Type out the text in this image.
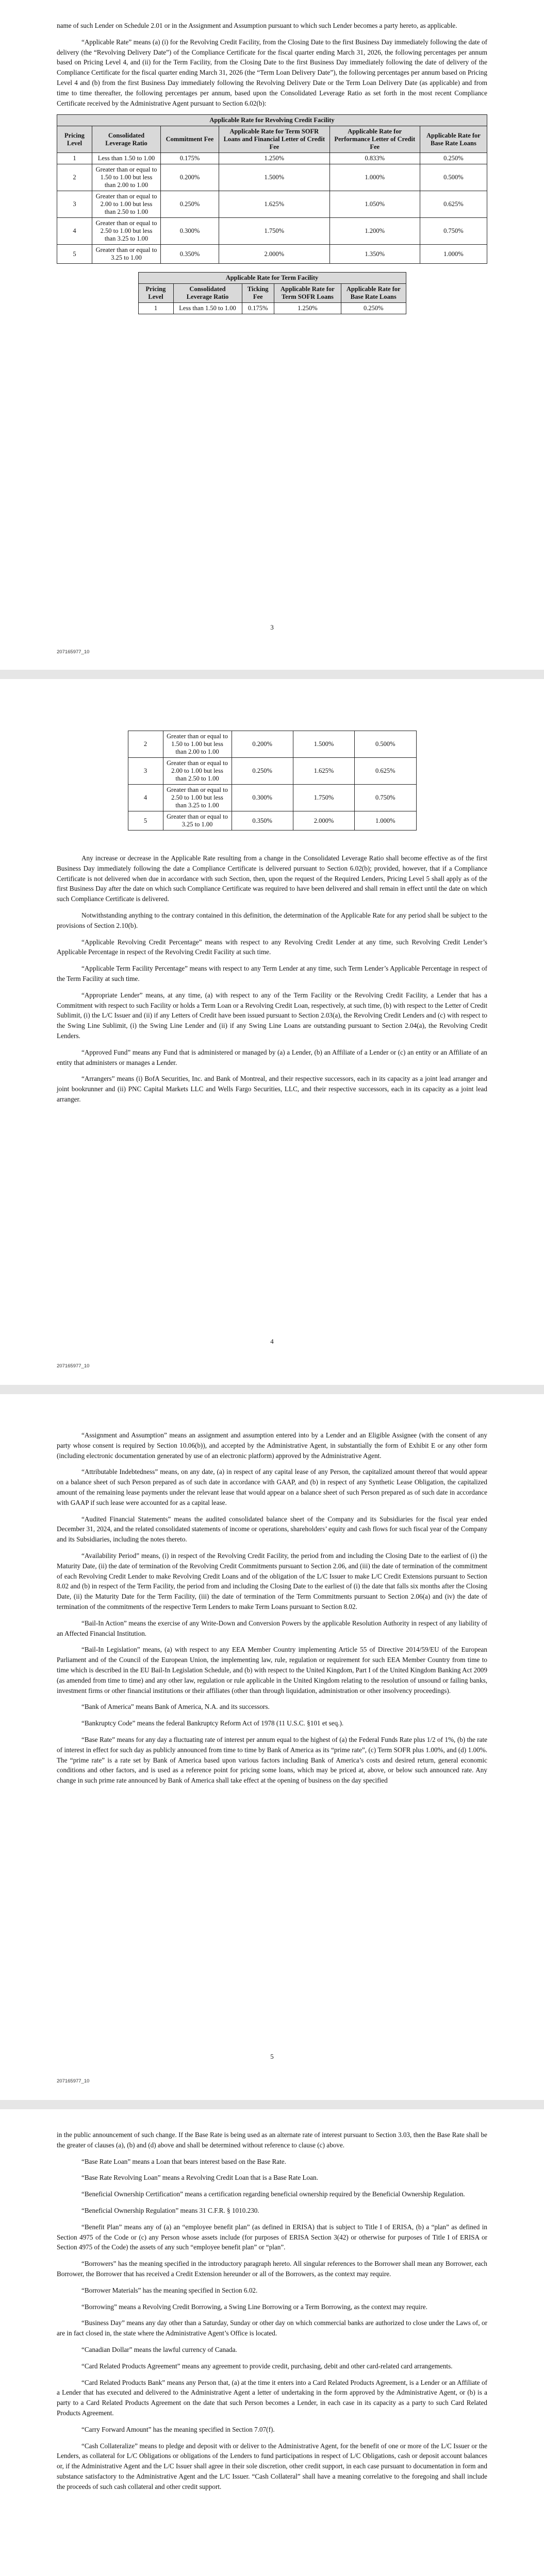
name of such Lender on Schedule 2.01 or in the Assignment and Assumption pursuant to which such Lender becomes a party hereto, as applicable.

“Applicable Rate” means (a) (i) for the Revolving Credit Facility, from the Closing Date to the first Business Day immediately following the date of delivery (the “Revolving Delivery Date”) of the Compliance Certificate for the fiscal quarter ending March 31, 2026, the following percentages per annum based on Pricing Level 4, and (ii) for the Term Facility, from the Closing Date to the first Business Day immediately following the date of delivery of the Compliance Certificate for the fiscal quarter ending March 31, 2026 (the “Term Loan Delivery Date”), the following percentages per annum based on Pricing Level 4 and (b) from the first Business Day immediately following the Revolving Delivery Date or the Term Loan Delivery Date (as applicable) and from time to time thereafter, the following percentages per annum, based upon the Consolidated Leverage Ratio as set forth in the most recent Compliance Certificate received by the Administrative Agent pursuant to Section 6.02(b):

Applicable Rate for Revolving Credit Facility					
Pricing Level	Consolidated Leverage Ratio	Commitment Fee	Applicable Rate for Term SOFR Loans and Financial Letter of Credit Fee	Applicable Rate for Performance Letter of Credit Fee	Applicable Rate for Base Rate Loans
1	Less than 1.50 to 1.00	0.175%	1.250%	0.833%	0.250%
2	Greater than or equal to 1.50 to 1.00 but less than 2.00 to 1.00	0.200%	1.500%	1.000%	0.500%
3	Greater than or equal to 2.00 to 1.00 but less than 2.50 to 1.00	0.250%	1.625%	1.050%	0.625%
4	Greater than or equal to 2.50 to 1.00 but less than 3.25 to 1.00	0.300%	1.750%	1.200%	0.750%
5	Greater than or equal to 3.25 to 1.00	0.350%	2.000%	1.350%	1.000%
Applicable Rate for Term Facility				
Pricing Level	Consolidated Leverage Ratio	Ticking Fee	Applicable Rate for Term SOFR Loans	Applicable Rate for Base Rate Loans
1	Less than 1.50 to 1.00	0.175%	1.250%	0.250%
3
207165977_10
2	Greater than or equal to 1.50 to 1.00 but less than 2.00 to 1.00	0.200%	1.500%	0.500%
3	Greater than or equal to 2.00 to 1.00 but less than 2.50 to 1.00	0.250%	1.625%	0.625%
4	Greater than or equal to 2.50 to 1.00 but less than 3.25 to 1.00	0.300%	1.750%	0.750%
5	Greater than or equal to 3.25 to 1.00	0.350%	2.000%	1.000%

Any increase or decrease in the Applicable Rate resulting from a change in the Consolidated Leverage Ratio shall become effective as of the first Business Day immediately following the date a Compliance Certificate is delivered pursuant to Section 6.02(b); provided, however, that if a Compliance Certificate is not delivered when due in accordance with such Section, then, upon the request of the Required Lenders, Pricing Level 5 shall apply as of the first Business Day after the date on which such Compliance Certificate was required to have been delivered and shall remain in effect until the date on which such Compliance Certificate is delivered.

Notwithstanding anything to the contrary contained in this definition, the determination of the Applicable Rate for any period shall be subject to the provisions of Section 2.10(b).

“Applicable Revolving Credit Percentage” means with respect to any Revolving Credit Lender at any time, such Revolving Credit Lender’s Applicable Percentage in respect of the Revolving Credit Facility at such time.

“Applicable Term Facility Percentage” means with respect to any Term Lender at any time, such Term Lender’s Applicable Percentage in respect of the Term Facility at such time.

“Appropriate Lender” means, at any time, (a) with respect to any of the Term Facility or the Revolving Credit Facility, a Lender that has a Commitment with respect to such Facility or holds a Term Loan or a Revolving Credit Loan, respectively, at such time, (b) with respect to the Letter of Credit Sublimit, (i) the L/C Issuer and (ii) if any Letters of Credit have been issued pursuant to Section 2.03(a), the Revolving Credit Lenders and (c) with respect to the Swing Line Sublimit, (i) the Swing Line Lender and (ii) if any Swing Line Loans are outstanding pursuant to Section 2.04(a), the Revolving Credit Lenders.

“Approved Fund” means any Fund that is administered or managed by (a) a Lender, (b) an Affiliate of a Lender or (c) an entity or an Affiliate of an entity that administers or manages a Lender.

“Arrangers” means (i) BofA Securities, Inc. and Bank of Montreal, and their respective successors, each in its capacity as a joint lead arranger and joint bookrunner and (ii) PNC Capital Markets LLC and Wells Fargo Securities, LLC, and their respective successors, each in its capacity as a joint lead arranger.

4
207165977_10

“Assignment and Assumption” means an assignment and assumption entered into by a Lender and an Eligible Assignee (with the consent of any party whose consent is required by Section 10.06(b)), and accepted by the Administrative Agent, in substantially the form of Exhibit E or any other form (including electronic documentation generated by use of an electronic platform) approved by the Administrative Agent.

“Attributable Indebtedness” means, on any date, (a) in respect of any capital lease of any Person, the capitalized amount thereof that would appear on a balance sheet of such Person prepared as of such date in accordance with GAAP, and (b) in respect of any Synthetic Lease Obligation, the capitalized amount of the remaining lease payments under the relevant lease that would appear on a balance sheet of such Person prepared as of such date in accordance with GAAP if such lease were accounted for as a capital lease.

“Audited Financial Statements” means the audited consolidated balance sheet of the Company and its Subsidiaries for the fiscal year ended December 31, 2024, and the related consolidated statements of income or operations, shareholders’ equity and cash flows for such fiscal year of the Company and its Subsidiaries, including the notes thereto.

“Availability Period” means, (i) in respect of the Revolving Credit Facility, the period from and including the Closing Date to the earliest of (i) the Maturity Date, (ii) the date of termination of the Revolving Credit Commitments pursuant to Section 2.06, and (iii) the date of termination of the commitment of each Revolving Credit Lender to make Revolving Credit Loans and of the obligation of the L/C Issuer to make L/C Credit Extensions pursuant to Section 8.02 and (b) in respect of the Term Facility, the period from and including the Closing Date to the earliest of (i) the date that falls six months after the Closing Date, (ii) the Maturity Date for the Term Facility, (iii) the date of termination of the Term Commitments pursuant to Section 2.06(a) and (iv) the date of termination of the commitments of the respective Term Lenders to make Term Loans pursuant to Section 8.02.

“Bail-In Action” means the exercise of any Write-Down and Conversion Powers by the applicable Resolution Authority in respect of any liability of an Affected Financial Institution.

“Bail-In Legislation” means, (a) with respect to any EEA Member Country implementing Article 55 of Directive 2014/59/EU of the European Parliament and of the Council of the European Union, the implementing law, rule, regulation or requirement for such EEA Member Country from time to time which is described in the EU Bail-In Legislation Schedule, and (b) with respect to the United Kingdom, Part I of the United Kingdom Banking Act 2009 (as amended from time to time) and any other law, regulation or rule applicable in the United Kingdom relating to the resolution of unsound or failing banks, investment firms or other financial institutions or their affiliates (other than through liquidation, administration or other insolvency proceedings).

“Bank of America” means Bank of America, N.A. and its successors.

“Bankruptcy Code” means the federal Bankruptcy Reform Act of 1978 (11 U.S.C. §101 et seq.).

“Base Rate” means for any day a fluctuating rate of interest per annum equal to the highest of (a) the Federal Funds Rate plus 1/2 of 1%, (b) the rate of interest in effect for such day as publicly announced from time to time by Bank of America as its “prime rate”, (c) Term SOFR plus 1.00%, and (d) 1.00%. The “prime rate” is a rate set by Bank of America based upon various factors including Bank of America’s costs and desired return, general economic conditions and other factors, and is used as a reference point for pricing some loans, which may be priced at, above, or below such announced rate. Any change in such prime rate announced by Bank of America shall take effect at the opening of business on the day specified

5
207165977_10

in the public announcement of such change. If the Base Rate is being used as an alternate rate of interest pursuant to Section 3.03, then the Base Rate shall be the greater of clauses (a), (b) and (d) above and shall be determined without reference to clause (c) above.

“Base Rate Loan” means a Loan that bears interest based on the Base Rate.

“Base Rate Revolving Loan” means a Revolving Credit Loan that is a Base Rate Loan.

“Beneficial Ownership Certification” means a certification regarding beneficial ownership required by the Beneficial Ownership Regulation.

“Beneficial Ownership Regulation” means 31 C.F.R. § 1010.230.

“Benefit Plan” means any of (a) an “employee benefit plan” (as defined in ERISA) that is subject to Title I of ERISA, (b) a “plan” as defined in Section 4975 of the Code or (c) any Person whose assets include (for purposes of ERISA Section 3(42) or otherwise for purposes of Title I of ERISA or Section 4975 of the Code) the assets of any such “employee benefit plan” or “plan”.

“Borrowers” has the meaning specified in the introductory paragraph hereto. All singular references to the Borrower shall mean any Borrower, each Borrower, the Borrower that has received a Credit Extension hereunder or all of the Borrowers, as the context may require.

“Borrower Materials” has the meaning specified in Section 6.02.

“Borrowing” means a Revolving Credit Borrowing, a Swing Line Borrowing or a Term Borrowing, as the context may require.

“Business Day” means any day other than a Saturday, Sunday or other day on which commercial banks are authorized to close under the Laws of, or are in fact closed in, the state where the Administrative Agent’s Office is located.

“Canadian Dollar” means the lawful currency of Canada.

“Card Related Products Agreement” means any agreement to provide credit, purchasing, debit and other card-related card arrangements.

“Card Related Products Bank” means any Person that, (a) at the time it enters into a Card Related Products Agreement, is a Lender or an Affiliate of a Lender that has executed and delivered to the Administrative Agent a letter of undertaking in the form approved by the Administrative Agent, or (b) is a party to a Card Related Products Agreement on the date that such Person becomes a Lender, in each case in its capacity as a party to such Card Related Products Agreement.

“Carry Forward Amount” has the meaning specified in Section 7.07(f).

“Cash Collateralize” means to pledge and deposit with or deliver to the Administrative Agent, for the benefit of one or more of the L/C Issuer or the Lenders, as collateral for L/C Obligations or obligations of the Lenders to fund participations in respect of L/C Obligations, cash or deposit account balances or, if the Administrative Agent and the L/C Issuer shall agree in their sole discretion, other credit support, in each case pursuant to documentation in form and substance satisfactory to the Administrative Agent and the L/C Issuer. “Cash Collateral” shall have a meaning correlative to the foregoing and shall include the proceeds of such cash collateral and other credit support.
